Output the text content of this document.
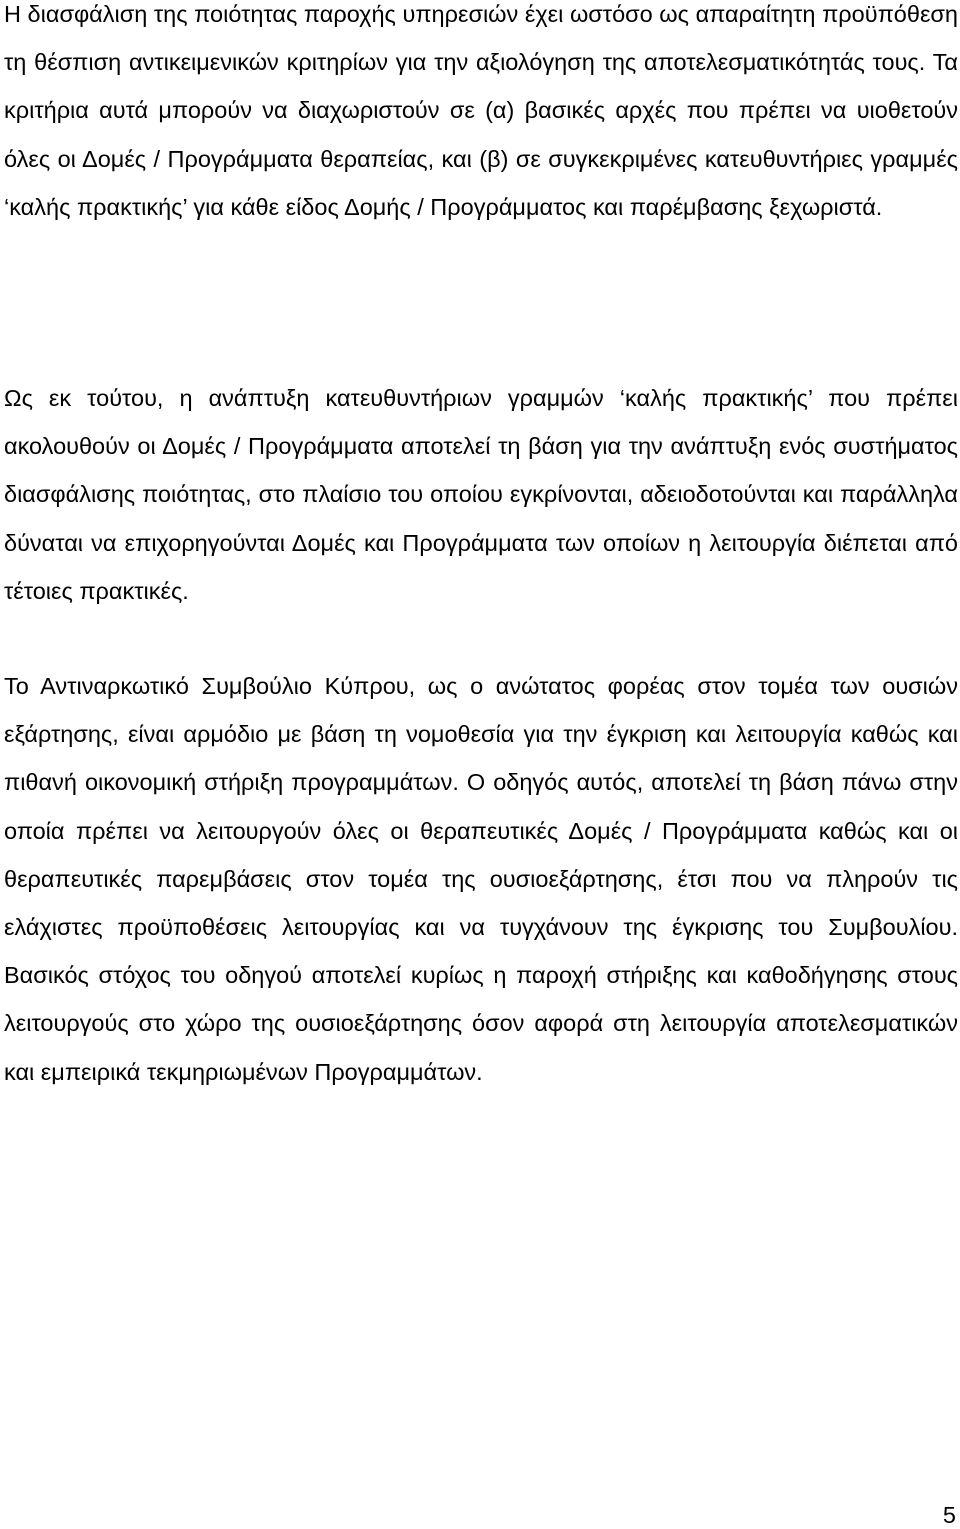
Η διασφάλιση της ποιότητας παροχής υπηρεσιών έχει ωστόσο ως απαραίτητη προϋπόθεση τη θέσπιση αντικειμενικών κριτηρίων για την αξιολόγηση της αποτελεσματικότητάς τους. Τα κριτήρια αυτά μπορούν να διαχωριστούν σε (α) βασικές αρχές που πρέπει να υιοθετούν όλες οι Δομές / Προγράμματα θεραπείας, και (β) σε συγκεκριμένες κατευθυντήριες γραμμές ‘καλής πρακτικής’ για κάθε είδος Δομής / Προγράμματος και παρέμβασης ξεχωριστά.

Ως εκ τούτου, η ανάπτυξη κατευθυντήριων γραμμών ‘καλής πρακτικής’ που πρέπει ακολουθούν οι Δομές / Προγράμματα αποτελεί τη βάση για την ανάπτυξη ενός συστήματος διασφάλισης ποιότητας, στο πλαίσιο του οποίου εγκρίνονται, αδειοδοτούνται και παράλληλα δύναται να επιχορηγούνται Δομές και Προγράμματα των οποίων η λειτουργία διέπεται από τέτοιες πρακτικές.

Το Αντιναρκωτικό Συμβούλιο Κύπρου, ως ο ανώτατος φορέας στον τομέα των ουσιών εξάρτησης, είναι αρμόδιο με βάση τη νομοθεσία για την έγκριση και λειτουργία καθώς και πιθανή οικονομική στήριξη προγραμμάτων. Ο οδηγός αυτός, αποτελεί τη βάση πάνω στην οποία πρέπει να λειτουργούν όλες οι θεραπευτικές Δομές / Προγράμματα καθώς και οι θεραπευτικές παρεμβάσεις στον τομέα της ουσιοεξάρτησης, έτσι που να πληρούν τις ελάχιστες προϋποθέσεις λειτουργίας και να τυγχάνουν της έγκρισης του Συμβουλίου. Βασικός στόχος του οδηγού αποτελεί κυρίως η παροχή στήριξης και καθοδήγησης στους λειτουργούς στο χώρο της ουσιοεξάρτησης όσον αφορά στη λειτουργία αποτελεσματικών και εμπειρικά τεκμηριωμένων Προγραμμάτων.

5
